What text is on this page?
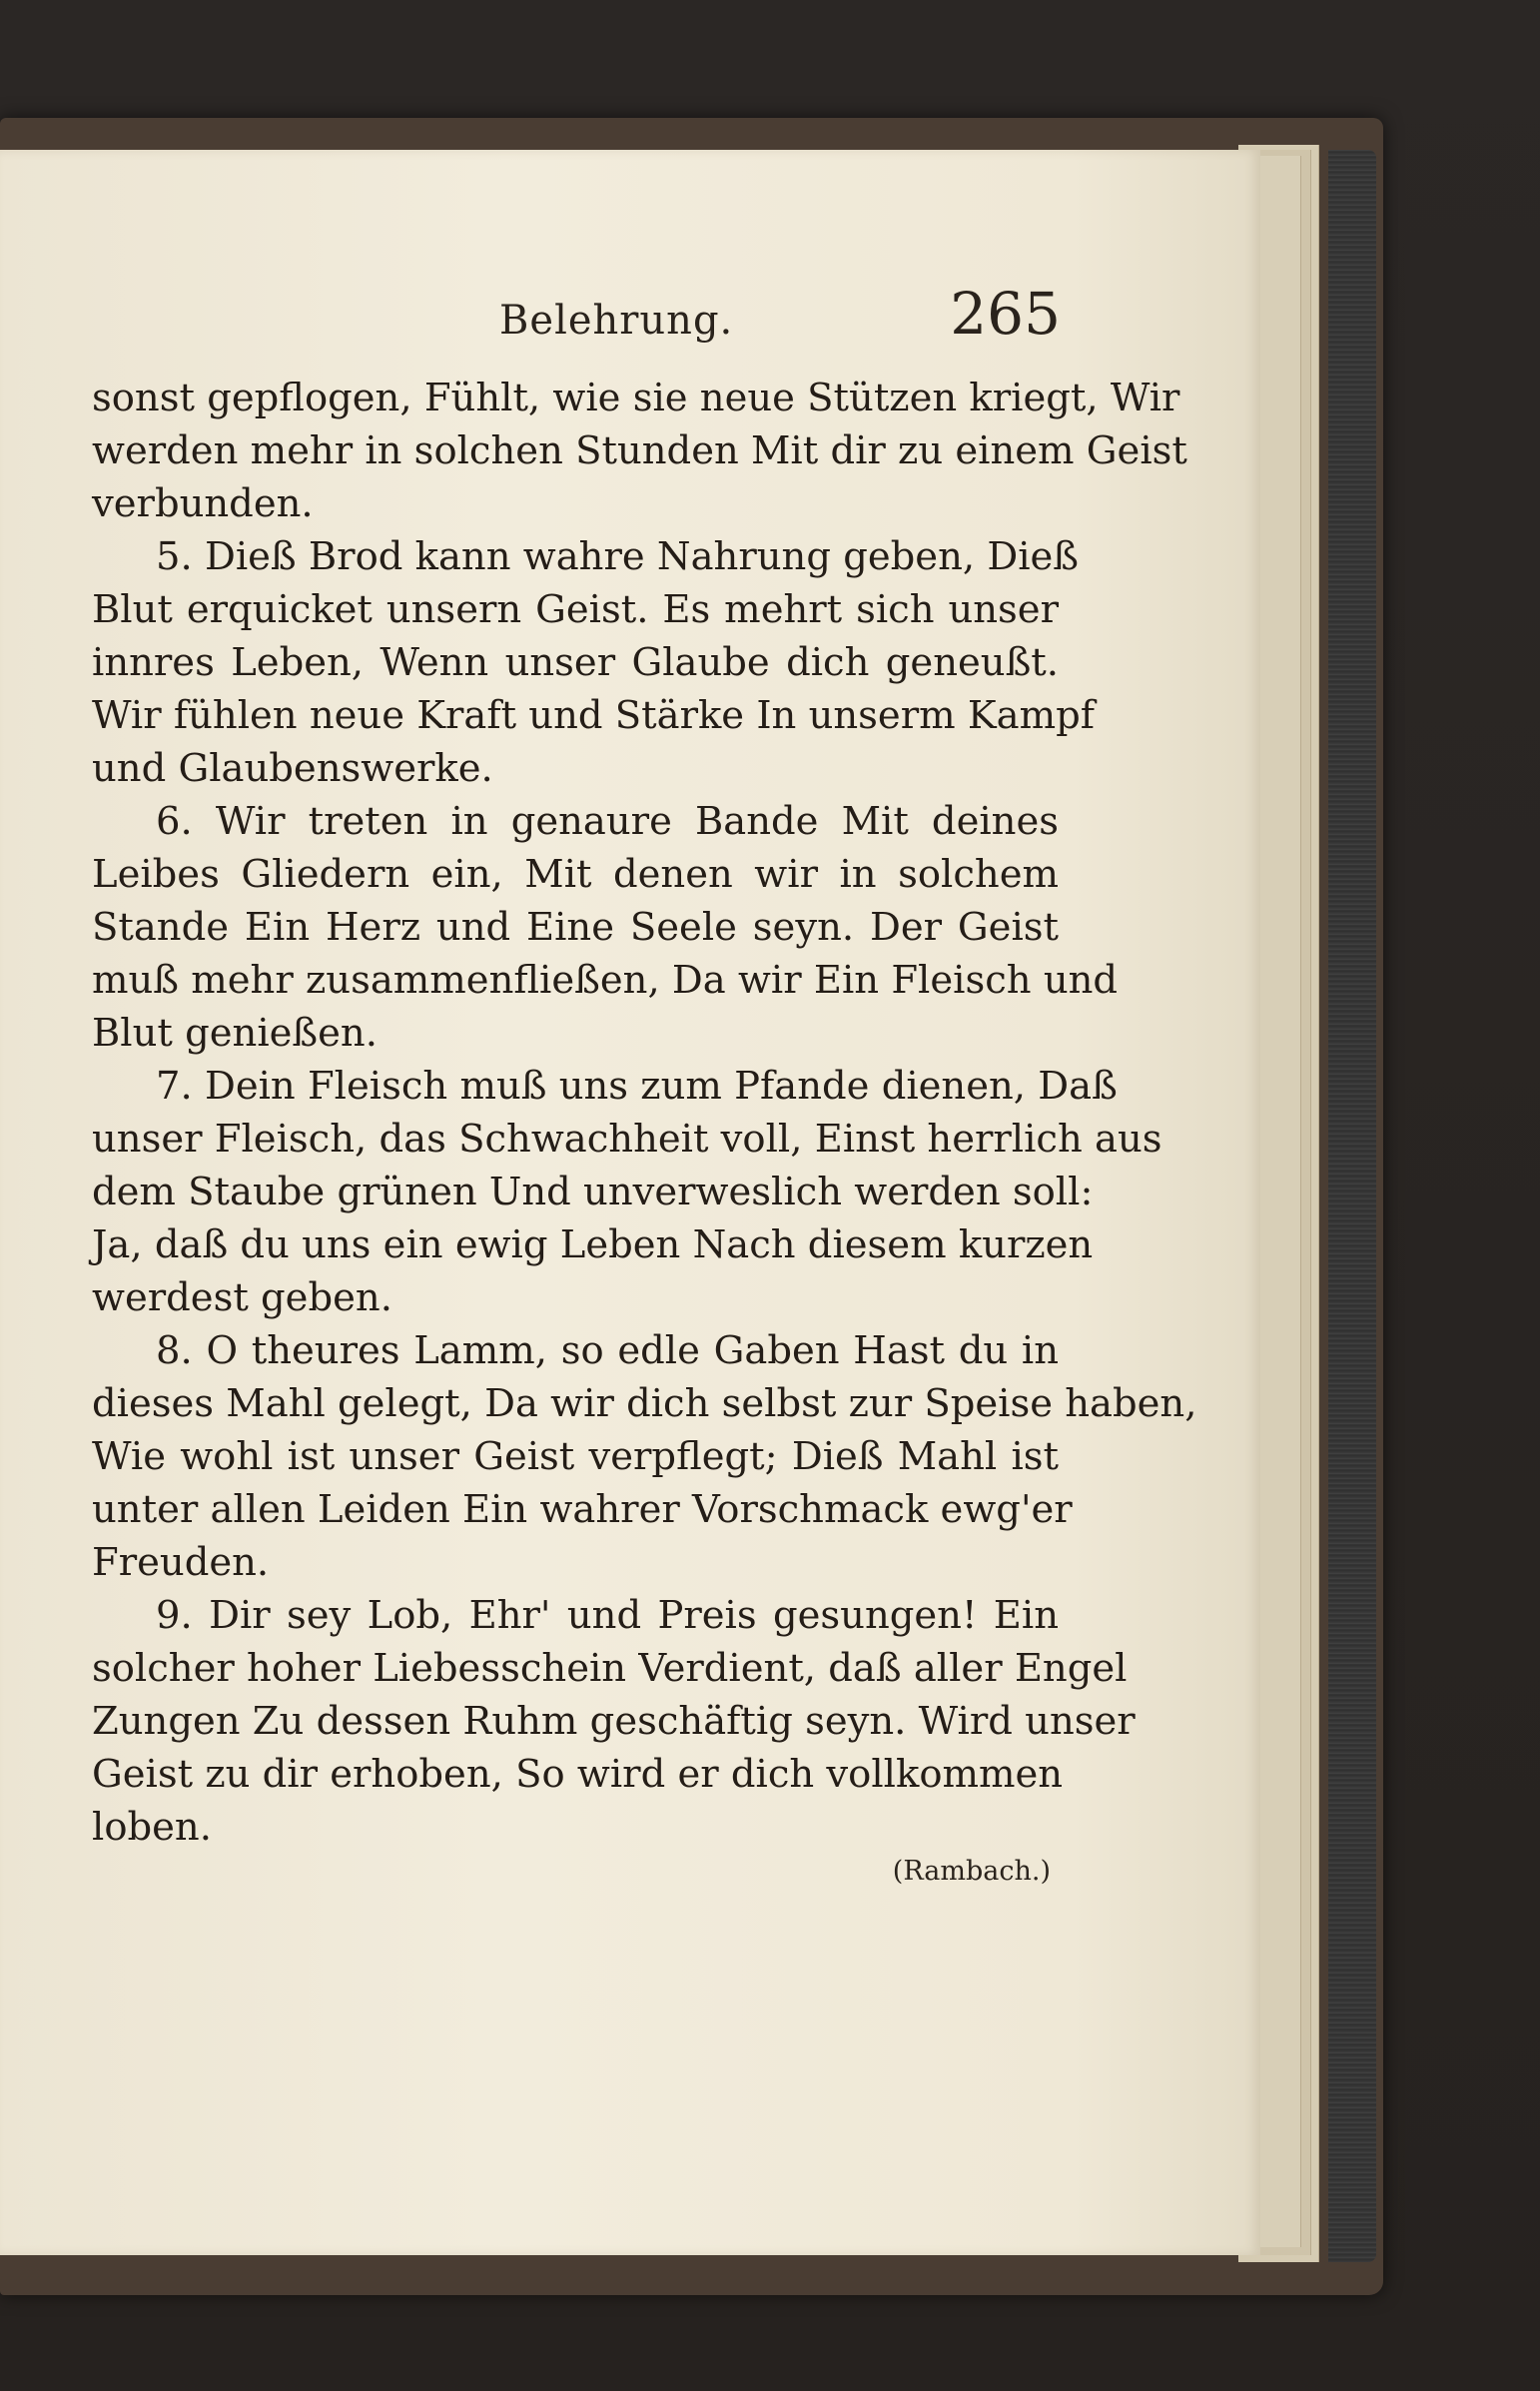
Belehrung.	265
sonst gepflogen, Fühlt, wie sie neue Stützen kriegt, Wir
werden mehr in solchen Stunden Mit dir zu einem Geist
verbunden.
5. Dieß Brod kann wahre Nahrung geben, Dieß
Blut erquicket unsern Geist. Es mehrt sich unser
innres Leben, Wenn unser Glaube dich geneußt.
Wir fühlen neue Kraft und Stärke In unserm Kampf
und Glaubenswerke.
6. Wir treten in genaure Bande Mit deines
Leibes Gliedern ein, Mit denen wir in solchem
Stande Ein Herz und Eine Seele seyn. Der Geist
muß mehr zusammenfließen, Da wir Ein Fleisch und
Blut genießen.
7. Dein Fleisch muß uns zum Pfande dienen, Daß
unser Fleisch, das Schwachheit voll, Einst herrlich aus
dem Staube grünen Und unverweslich werden soll:
Ja, daß du uns ein ewig Leben Nach diesem kurzen
werdest geben.
8. O theures Lamm, so edle Gaben Hast du in
dieses Mahl gelegt, Da wir dich selbst zur Speise haben,
Wie wohl ist unser Geist verpflegt; Dieß Mahl ist
unter allen Leiden Ein wahrer Vorschmack ewg'er
Freuden.
9. Dir sey Lob, Ehr' und Preis gesungen! Ein
solcher hoher Liebesschein Verdient, daß aller Engel
Zungen Zu dessen Ruhm geschäftig seyn. Wird unser
Geist zu dir erhoben, So wird er dich vollkommen
loben.
(Rambach.)
